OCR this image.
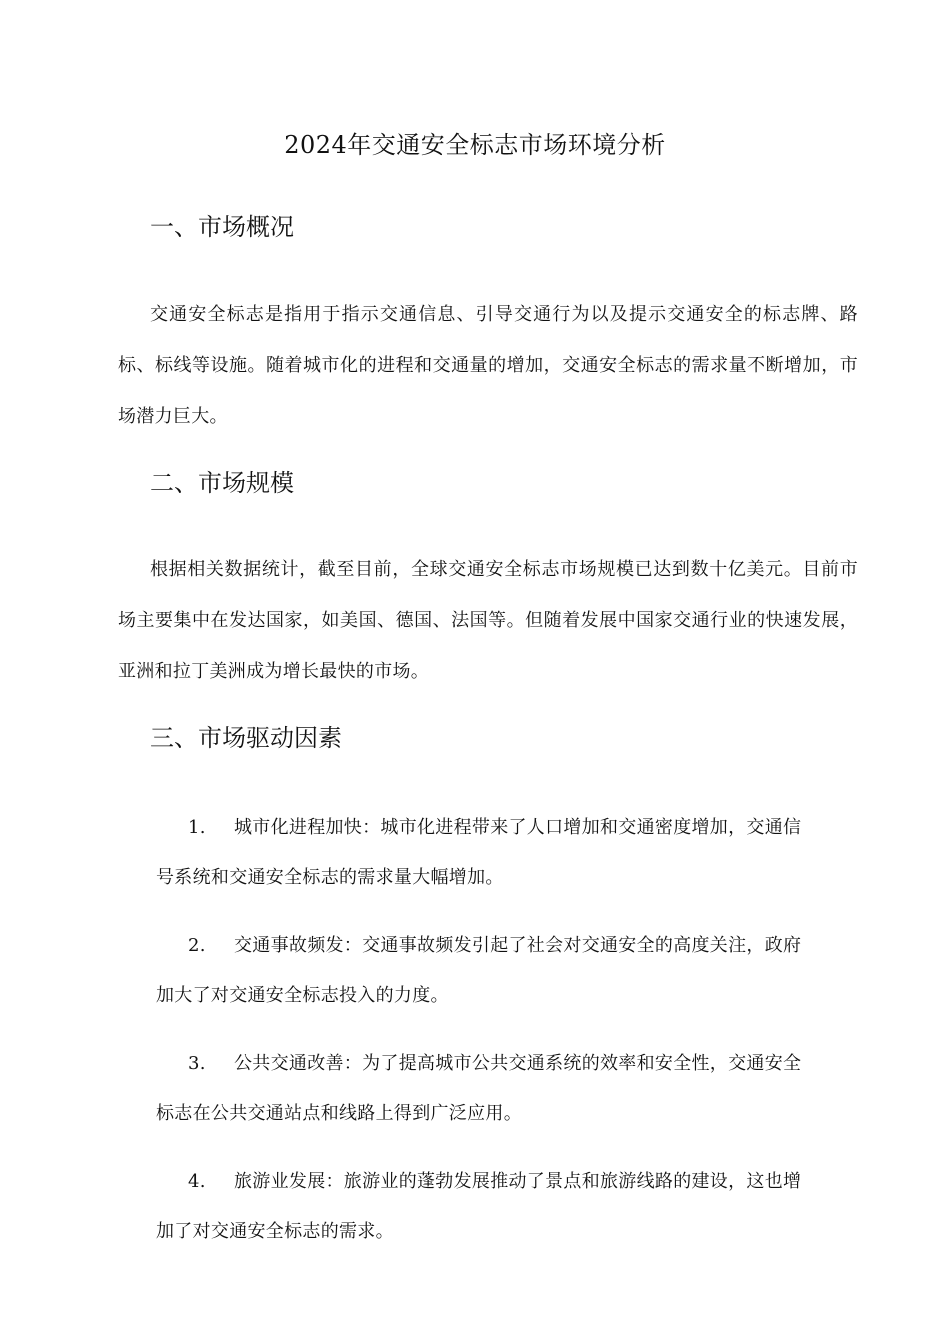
2024年交通安全标志市场环境分析
一、市场概况
交通安全标志是指用于指示交通信息、引导交通行为以及提示交通安全的标志牌、路标、标线等设施。随着城市化的进程和交通量的增加，交通安全标志的需求量不断增加，市场潜力巨大。
二、市场规模
根据相关数据统计，截至目前，全球交通安全标志市场规模已达到数十亿美元。目前市场主要集中在发达国家，如美国、德国、法国等。但随着发展中国家交通行业的快速发展，亚洲和拉丁美洲成为增长最快的市场。
三、市场驱动因素
1. 城市化进程加快：城市化进程带来了人口增加和交通密度增加，交通信
号系统和交通安全标志的需求量大幅增加。
2. 交通事故频发：交通事故频发引起了社会对交通安全的高度关注，政府
加大了对交通安全标志投入的力度。
3. 公共交通改善：为了提高城市公共交通系统的效率和安全性，交通安全
标志在公共交通站点和线路上得到广泛应用。
4. 旅游业发展：旅游业的蓬勃发展推动了景点和旅游线路的建设，这也增
加了对交通安全标志的需求。
